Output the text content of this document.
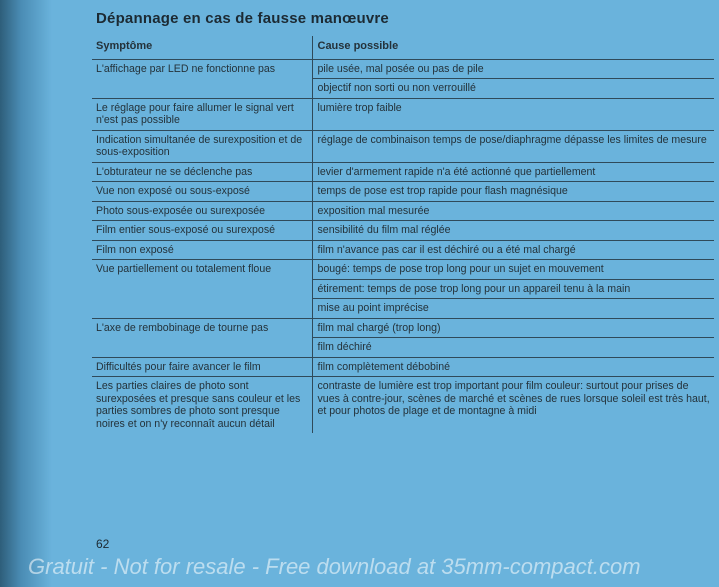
Dépannage en cas de fausse manœuvre
Symptôme	Cause possible
L'affichage par LED ne fonctionne pas	pile usée, mal posée ou pas de pile
	objectif non sorti ou non verrouillé
Le réglage pour faire allumer le signal vert n'est pas possible	lumière trop faible
Indication simultanée de surexposition et de sous-exposition	réglage de combinaison temps de pose/diaphragme dépasse les limites de mesure
L'obturateur ne se déclenche pas	levier d'armement rapide n'a été actionné que partiellement
Vue non exposé ou sous-exposé	temps de pose est trop rapide pour flash magnésique
Photo sous-exposée ou surexposée	exposition mal mesurée
Film entier sous-exposé ou surexposé	sensibilité du film mal réglée
Film non exposé	film n'avance pas car il est déchiré ou a été mal chargé
Vue partiellement ou totalement floue	bougé: temps de pose trop long pour un sujet en mouvement
	étirement: temps de pose trop long pour un appareil tenu à la main
	mise au point imprécise
L'axe de rembobinage de tourne pas	film mal chargé (trop long)
	film déchiré
Difficultés pour faire avancer le film	film complètement débobiné
Les parties claires de photo sont surexposées et presque sans couleur et les parties sombres de photo sont presque noires et on n'y reconnaît aucun détail	contraste de lumière est trop important pour film couleur: surtout pour prises de vues à contre-jour, scènes de marché et scènes de rues lorsque soleil est très haut, et pour photos de plage et de montagne à midi
62
Gratuit - Not for resale - Free download at 35mm-compact.com
